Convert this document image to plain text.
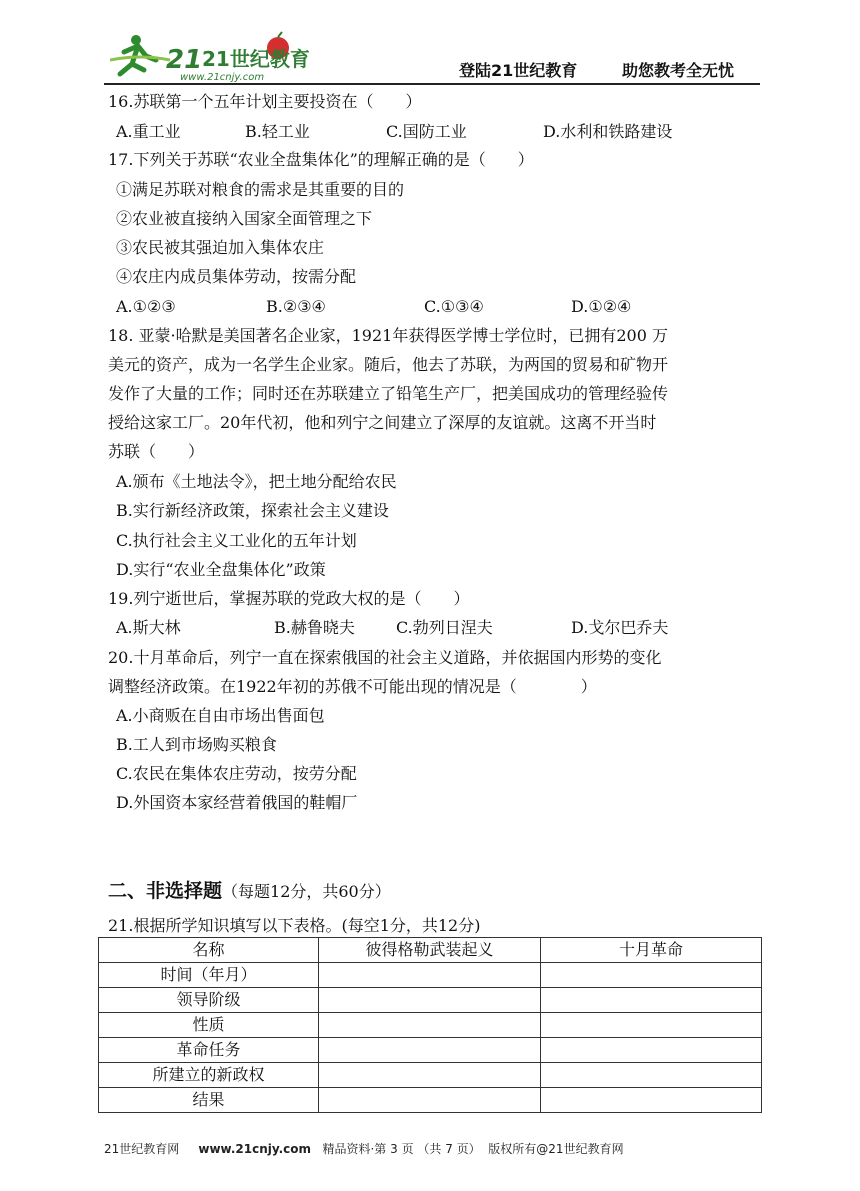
21 21世纪教育
www.21cnjy.com	登陆21世纪教育	助您教考全无忧
16.苏联第一个五年计划主要投资在（　　）
A.重工业	B.轻工业	C.国防工业	D.水利和铁路建设
17.下列关于苏联“农业全盘集体化”的理解正确的是（　　）
①满足苏联对粮食的需求是其重要的目的
②农业被直接纳入国家全面管理之下
③农民被其强迫加入集体农庄
④农庄内成员集体劳动，按需分配
A.①②③	B.②③④	C.①③④	D.①②④
18. 亚蒙·哈默是美国著名企业家，1921年获得医学博士学位时，已拥有200 万
美元的资产，成为一名学生企业家。随后，他去了苏联，为两国的贸易和矿物开
发作了大量的工作；同时还在苏联建立了铅笔生产厂，把美国成功的管理经验传
授给这家工厂。20年代初，他和列宁之间建立了深厚的友谊就。这离不开当时
苏联（　　）
A.颁布《土地法令》，把土地分配给农民
B.实行新经济政策，探索社会主义建设
C.执行社会主义工业化的五年计划
D.实行“农业全盘集体化”政策
19.列宁逝世后，掌握苏联的党政大权的是（　　）
A.斯大林	B.赫鲁晓夫	C.勃列日涅夫	D.戈尔巴乔夫
20.十月革命后，列宁一直在探索俄国的社会主义道路，并依据国内形势的变化
调整经济政策。在1922年初的苏俄不可能出现的情况是（　　　　）
A.小商贩在自由市场出售面包
B.工人到市场购买粮食
C.农民在集体农庄劳动，按劳分配
D.外国资本家经营着俄国的鞋帽厂
二、非选择题（每题12分，共60分）
21.根据所学知识填写以下表格。(每空1分，共12分)
名称	彼得格勒武装起义	十月革命
时间（年月）		
领导阶级		
性质		
革命任务		
所建立的新政权		
结果		
21世纪教育网 www.21cnjy.com 精品资料·第 3 页 （共 7 页） 版权所有@21世纪教育网
